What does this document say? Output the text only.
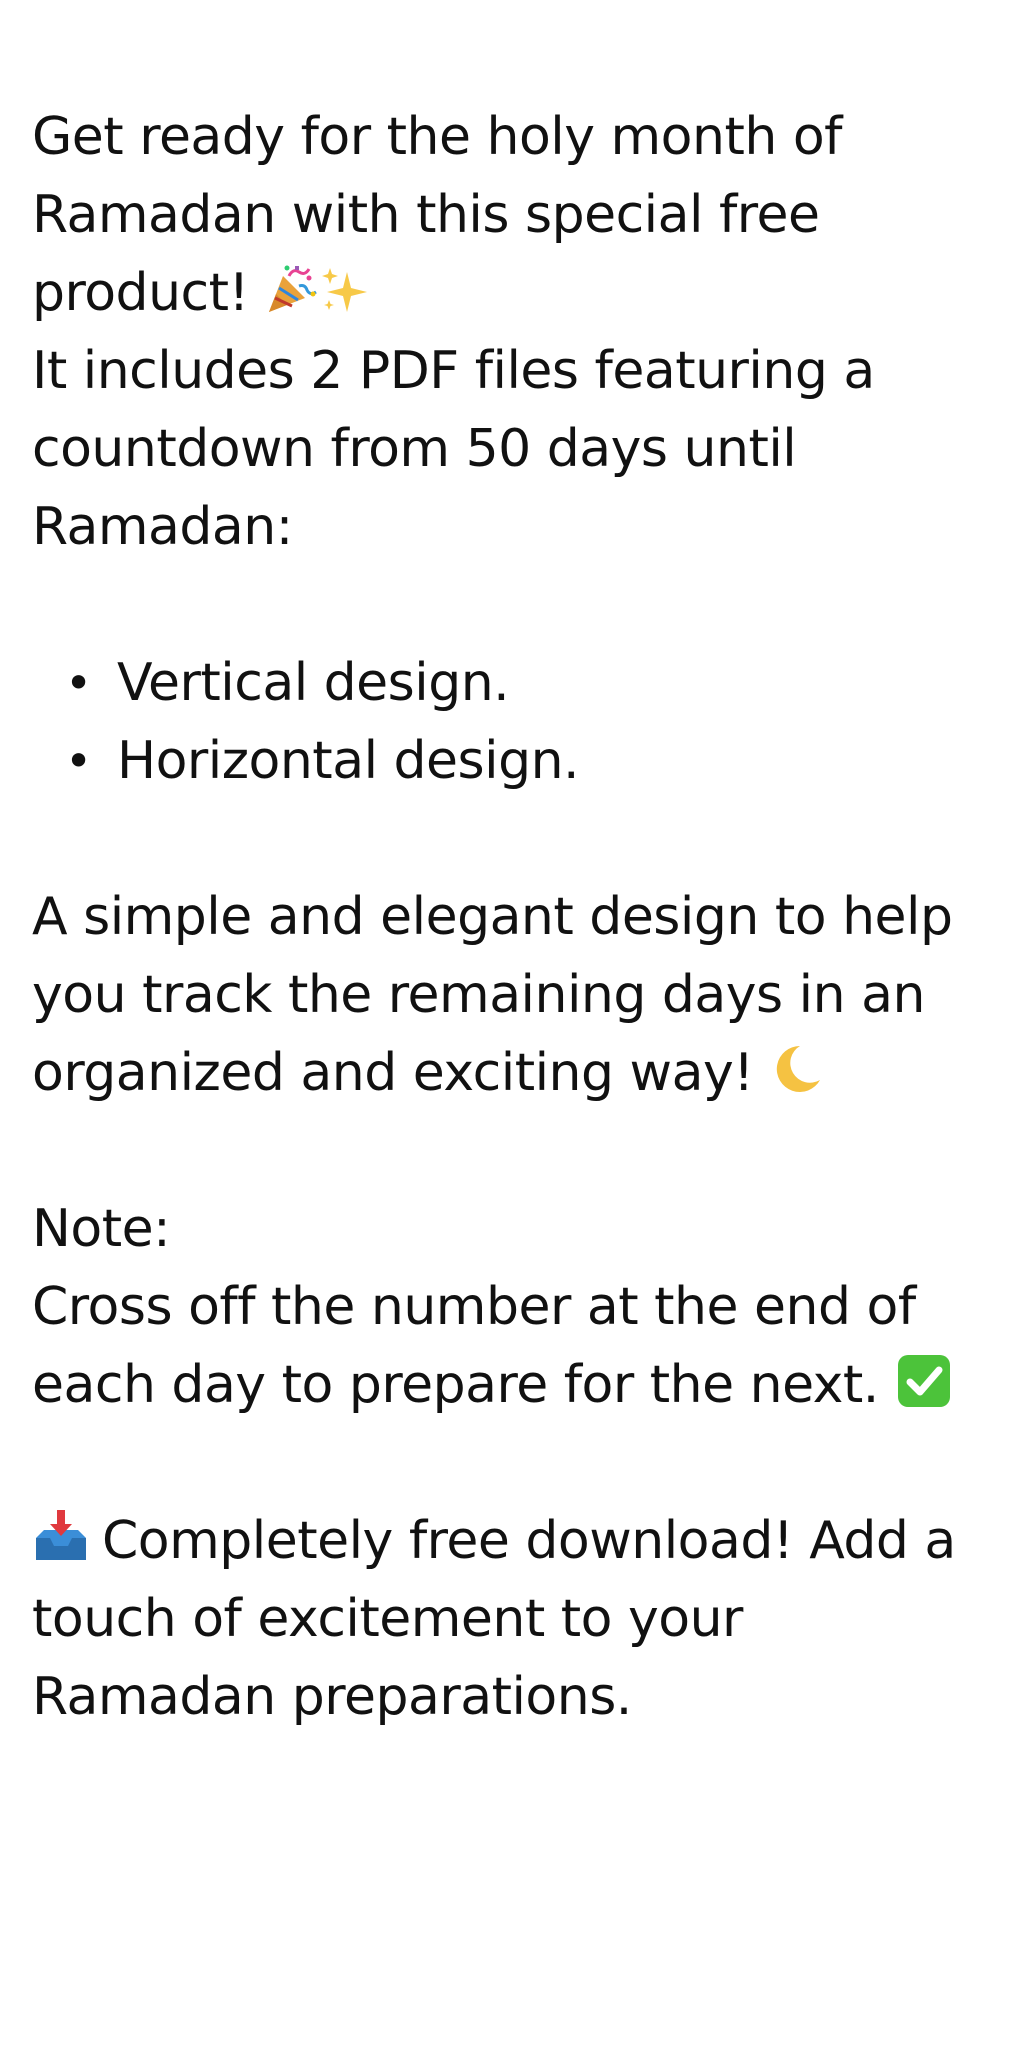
Get ready for the holy month of
Ramadan with this special free
product!

It includes 2 PDF files featuring a
countdown from 50 days until
Ramadan:

• Vertical design.
• Horizontal design.

A simple and elegant design to help
you track the remaining days in an
organized and exciting way!

Note:
Cross off the number at the end of
each day to prepare for the next.

Completely free download! Add a
touch of excitement to your
Ramadan preparations.
